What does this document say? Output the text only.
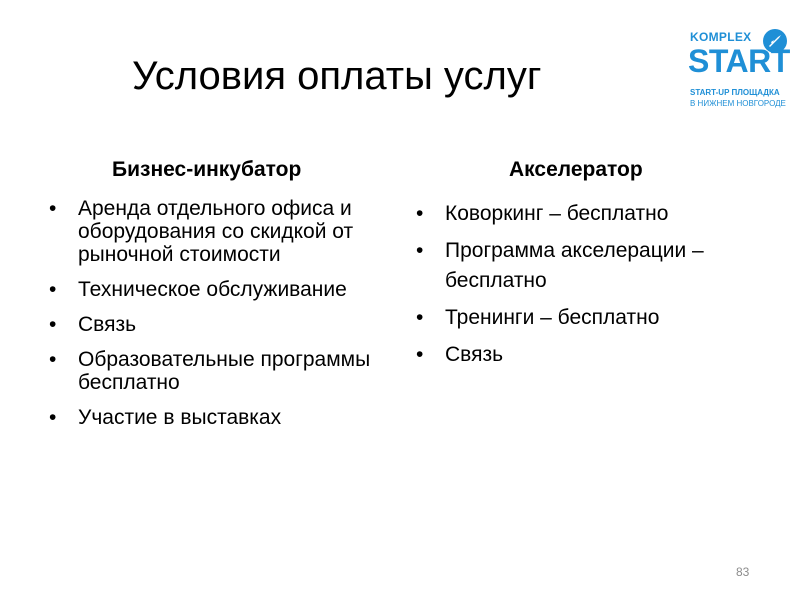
Условия оплаты услуг
KOMPLEX
START
START-UP ПЛОЩАДКА
В НИЖНЕМ НОВГОРОДЕ
Бизнес-инкубатор
• Аренда отдельного офиса и оборудования со скидкой от рыночной стоимости
• Техническое обслуживание
• Связь
• Образовательные программы бесплатно
• Участие в выставках
Акселератор
• Коворкинг – бесплатно
• Программа акселерации – бесплатно
• Тренинги – бесплатно
• Связь
83
